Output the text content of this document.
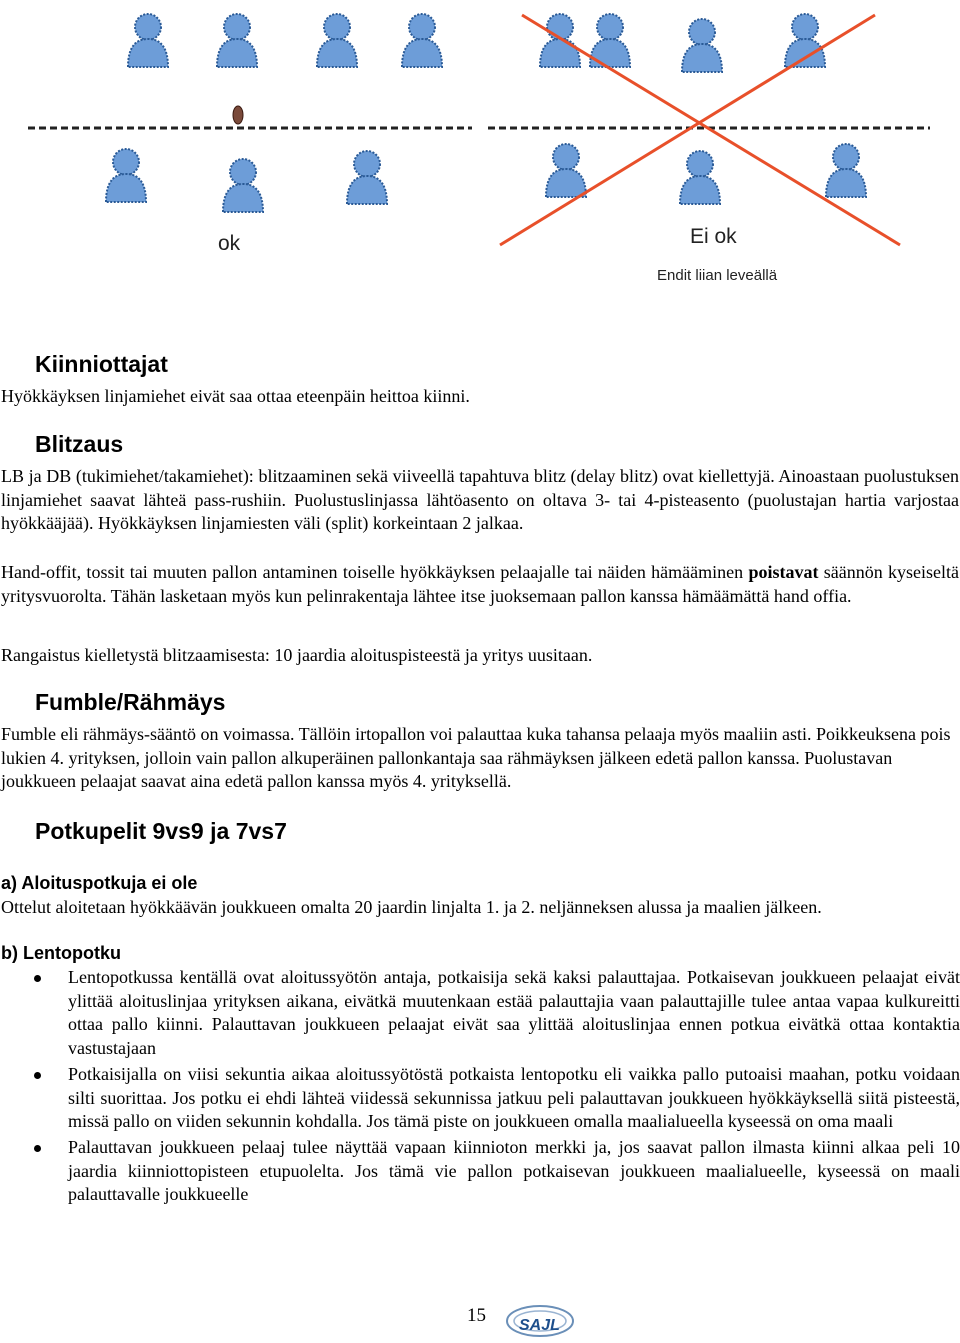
ok	Ei ok
Endit liian leveällä
Kiinniottajat

Hyökkäyksen linjamiehet eivät saa ottaa eteenpäin heittoa kiinni.

Blitzaus

LB ja DB (tukimiehet/takamiehet): blitzaaminen sekä viiveellä tapahtuva blitz (delay blitz) ovat kiellettyjä. Ainoastaan puolustuksen linjamiehet saavat lähteä pass-rushiin. Puolustuslinjassa lähtöasento on oltava 3- tai 4-pisteasento (puolustajan hartia varjostaa hyökkääjää). Hyökkäyksen linjamiesten väli (split) korkeintaan 2 jalkaa.

Hand-offit, tossit tai muuten pallon antaminen toiselle hyökkäyksen pelaajalle tai näiden hämääminen poistavat säännön kyseiseltä yritysvuorolta. Tähän lasketaan myös kun pelinrakentaja lähtee itse juoksemaan pallon kanssa hämäämättä hand offia.

Rangaistus kielletystä blitzaamisesta: 10 jaardia aloituspisteestä ja yritys uusitaan.

Fumble/Rähmäys

Fumble eli rähmäys-sääntö on voimassa. Tällöin irtopallon voi palauttaa kuka tahansa pelaaja myös maaliin asti. Poikkeuksena pois lukien 4. yrityksen, jolloin vain pallon alkuperäinen pallonkantaja saa rähmäyksen jälkeen edetä pallon kanssa. Puolustavan joukkueen pelaajat saavat aina edetä pallon kanssa myös 4. yrityksellä.

Potkupelit 9vs9 ja 7vs7
a) Aloituspotkuja ei ole

Ottelut aloitetaan hyökkäävän joukkueen omalta 20 jaardin linjalta 1. ja 2. neljänneksen alussa ja maalien jälkeen.

b) Lentopotku
Lentopotkussa kentällä ovat aloitussyötön antaja, potkaisija sekä kaksi palauttajaa. Potkaisevan joukkueen pelaajat eivät ylittää aloituslinjaa yrityksen aikana, eivätkä muutenkaan estää palauttajia vaan palauttajille tulee antaa vapaa kulkureitti ottaa pallo kiinni. Palauttavan joukkueen pelaajat eivät saa ylittää aloituslinjaa ennen potkua eivätkä ottaa kontaktia vastustajaan
Potkaisijalla on viisi sekuntia aikaa aloitussyötöstä potkaista lentopotku eli vaikka pallo putoaisi maahan, potku voidaan silti suorittaa. Jos potku ei ehdi lähteä viidessä sekunnissa jatkuu peli palauttavan joukkueen hyökkäyksellä siitä pisteestä, missä pallo on viiden sekunnin kohdalla. Jos tämä piste on joukkueen omalla maalialueella kyseessä on oma maali
Palauttavan joukkueen pelaaj tulee näyttää vapaan kiinnioton merkki ja, jos saavat pallon ilmasta kiinni alkaa peli 10 jaardia kiinniottopisteen etupuolelta. Jos tämä vie pallon potkaisevan joukkueen maalialueelle, kyseessä on maali palauttavalle joukkueelle
15 SAJL
